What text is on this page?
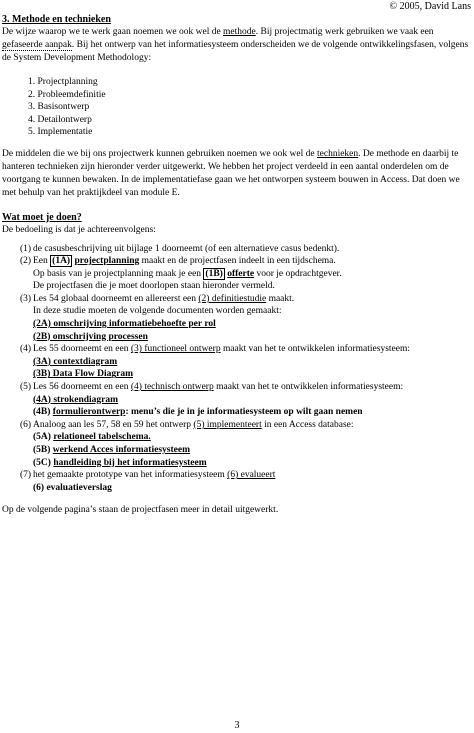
© 2005, David Lans
3. Methode en technieken

De wijze waarop we te werk gaan noemen we ook wel de methode. Bij projectmatig werk gebruiken we vaak een gefaseerde aanpak. Bij het ontwerp van het informatiesysteem onderscheiden we de volgende ontwikkelingsfasen, volgens de System Development Methodology:

1. Projectplanning
2. Probleemdefinitie
3. Basisontwerp
4. Detailontwerp
5. Implementatie

De middelen die we bij ons projectwerk kunnen gebruiken noemen we ook wel de technieken. De methode en daarbij te hanteren technieken zijn hieronder verder uitgewerkt. We hebben het project verdeeld in een aantal onderdelen om de voortgang te kunnen bewaken. In de implementatiefase gaan we het ontworpen systeem bouwen in Access. Dat doen we met behulp van het praktijkdeel van module E.

Wat moet je doen?

De bedoeling is dat je achtereenvolgens:

(1) de casusbeschrijving uit bijlage 1 doorneemt (of een alternatieve casus bedenkt).
(2) Een (1A) projectplanning maakt en de projectfasen indeelt in een tijdschema.
Op basis van je projectplanning maak je een (1B) offerte voor je opdrachtgever.
De projectfasen die je moet doorlopen staan hieronder vermeld.
(3) Les 54 globaal doorneemt en allereerst een (2) definitiestudie maakt.
In deze studie moeten de volgende documenten worden gemaakt:
(2A) omschrijving informatiebehoefte per rol
(2B) omschrijving processen
(4) Les 55 doorneemt en een (3) functioneel ontwerp maakt van het te ontwikkelen informatiesysteem:
(3A) contextdiagram
(3B) Data Flow Diagram
(5) Les 56 doorneemt en een (4) technisch ontwerp maakt van het te ontwikkelen informatiesysteem:
(4A) strokendiagram
(4B) formulierontwerp: menu’s die je in je informatiesysteem op wilt gaan nemen
(6) Analoog aan les 57, 58 en 59 het ontwerp (5) implementeert in een Access database:
(5A) relationeel tabelschema.
(5B) werkend Acces informatiesysteem
(5C) handleiding bij het informatiesysteem
(7) het gemaakte prototype van het informatiesysteem (6) evalueert
(6) evaluatieverslag

Op de volgende pagina’s staan de projectfasen meer in detail uitgewerkt.

3
